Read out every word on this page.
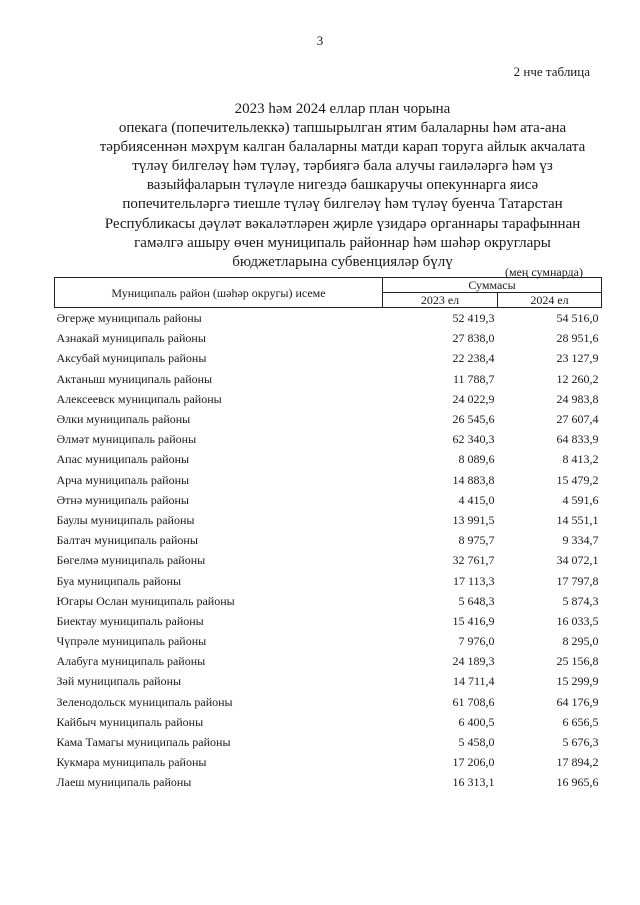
3
2 нче таблица
2023 һәм 2024 еллар план чорына
опекага (попечительлеккә) тапшырылган ятим балаларны һәм ата-ана
тәрбиясеннән мәхрүм калган балаларны матди карап торуга айлык акчалата
түләү билгеләү һәм түләү, тәрбиягә бала алучы гаиләләргә һәм үз
вазыйфаларын түләүле нигездә башкаручы опекуннарга яисә
попечительләргә тиешле түләү билгеләү һәм түләү буенча Татарстан
Республикасы дәүләт вәкаләтләрен җирле үзидарә органнары тарафыннан
гамәлгә ашыру өчен муниципаль районнар һәм шәһәр округлары
бюджетларына субвенцияләр бүлү
(мең сумнарда)
Муниципаль район (шәһәр округы) исеме	Суммасы	
	2023 ел	2024 ел
Әгерҗе муниципаль районы	52 419,3	54 516,0
Азнакай муниципаль районы	27 838,0	28 951,6
Аксубай муниципаль районы	22 238,4	23 127,9
Актаныш муниципаль районы	11 788,7	12 260,2
Алексеевск муниципаль районы	24 022,9	24 983,8
Әлки муниципаль районы	26 545,6	27 607,4
Әлмәт муниципаль районы	62 340,3	64 833,9
Апас муниципаль районы	8 089,6	8 413,2
Арча муниципаль районы	14 883,8	15 479,2
Әтнә муниципаль районы	4 415,0	4 591,6
Баулы муниципаль районы	13 991,5	14 551,1
Балтач муниципаль районы	8 975,7	9 334,7
Бөгелмә муниципаль районы	32 761,7	34 072,1
Буа муниципаль районы	17 113,3	17 797,8
Югары Ослан муниципаль районы	5 648,3	5 874,3
Биектау муниципаль районы	15 416,9	16 033,5
Чүпрәле муниципаль районы	7 976,0	8 295,0
Алабуга муниципаль районы	24 189,3	25 156,8
Зәй муниципаль районы	14 711,4	15 299,9
Зеленодольск муниципаль районы	61 708,6	64 176,9
Кайбыч муниципаль районы	6 400,5	6 656,5
Кама Тамагы муниципаль районы	5 458,0	5 676,3
Кукмара муниципаль районы	17 206,0	17 894,2
Лаеш муниципаль районы	16 313,1	16 965,6
